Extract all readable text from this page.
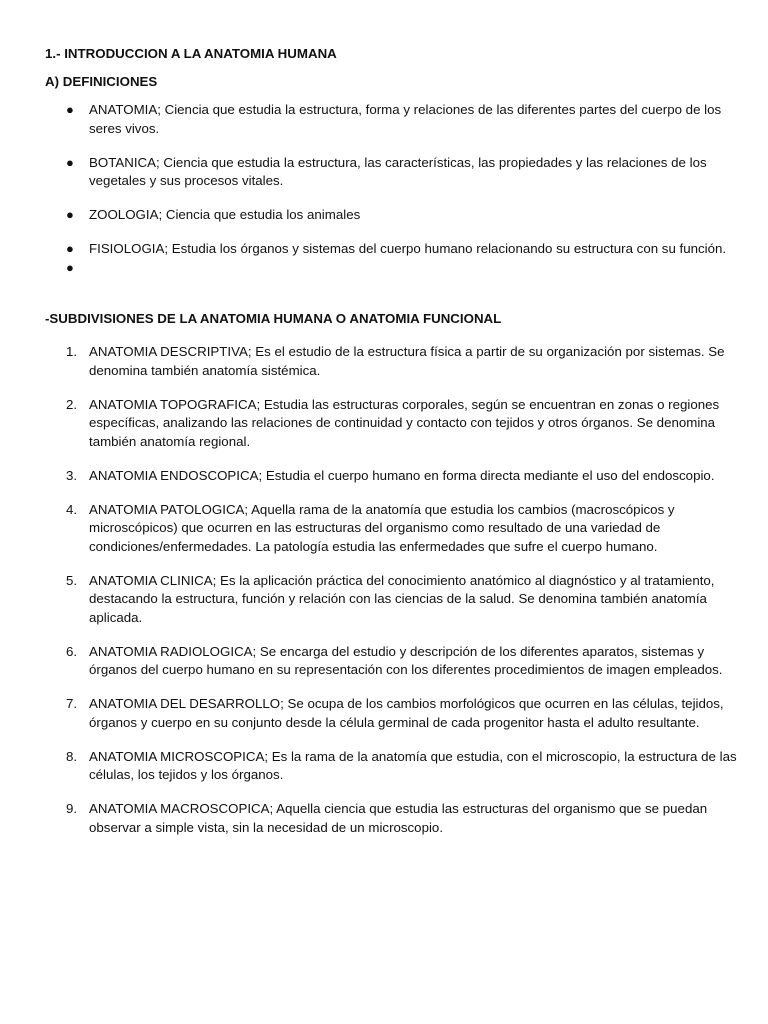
1.- INTRODUCCION A LA ANATOMIA HUMANA
A) DEFINICIONES
● ANATOMIA; Ciencia que estudia la estructura, forma y relaciones de las diferentes partes del cuerpo de los seres vivos.
● BOTANICA; Ciencia que estudia la estructura, las características, las propiedades y las relaciones de los vegetales y sus procesos vitales.
● ZOOLOGIA; Ciencia que estudia los animales
● FISIOLOGIA; Estudia los órganos y sistemas del cuerpo humano relacionando su estructura con su función.
●
-SUBDIVISIONES DE LA ANATOMIA HUMANA O ANATOMIA FUNCIONAL
1. ANATOMIA DESCRIPTIVA; Es el estudio de la estructura física a partir de su organización por sistemas. Se denomina también anatomía sistémica.
2. ANATOMIA TOPOGRAFICA; Estudia las estructuras corporales, según se encuentran en zonas o regiones específicas, analizando las relaciones de continuidad y contacto con tejidos y otros órganos. Se denomina también anatomía regional.
3. ANATOMIA ENDOSCOPICA; Estudia el cuerpo humano en forma directa mediante el uso del endoscopio.
4. ANATOMIA PATOLOGICA; Aquella rama de la anatomía que estudia los cambios (macroscópicos y microscópicos) que ocurren en las estructuras del organismo como resultado de una variedad de condiciones/enfermedades. La patología estudia las enfermedades que sufre el cuerpo humano.
5. ANATOMIA CLINICA; Es la aplicación práctica del conocimiento anatómico al diagnóstico y al tratamiento, destacando la estructura, función y relación con las ciencias de la salud. Se denomina también anatomía aplicada.
6. ANATOMIA RADIOLOGICA; Se encarga del estudio y descripción de los diferentes aparatos, sistemas y órganos del cuerpo humano en su representación con los diferentes procedimientos de imagen empleados.
7. ANATOMIA DEL DESARROLLO; Se ocupa de los cambios morfológicos que ocurren en las células, tejidos, órganos y cuerpo en su conjunto desde la célula germinal de cada progenitor hasta el adulto resultante.
8. ANATOMIA MICROSCOPICA; Es la rama de la anatomía que estudia, con el microscopio, la estructura de las células, los tejidos y los órganos.
9. ANATOMIA MACROSCOPICA; Aquella ciencia que estudia las estructuras del organismo que se puedan observar a simple vista, sin la necesidad de un microscopio.
